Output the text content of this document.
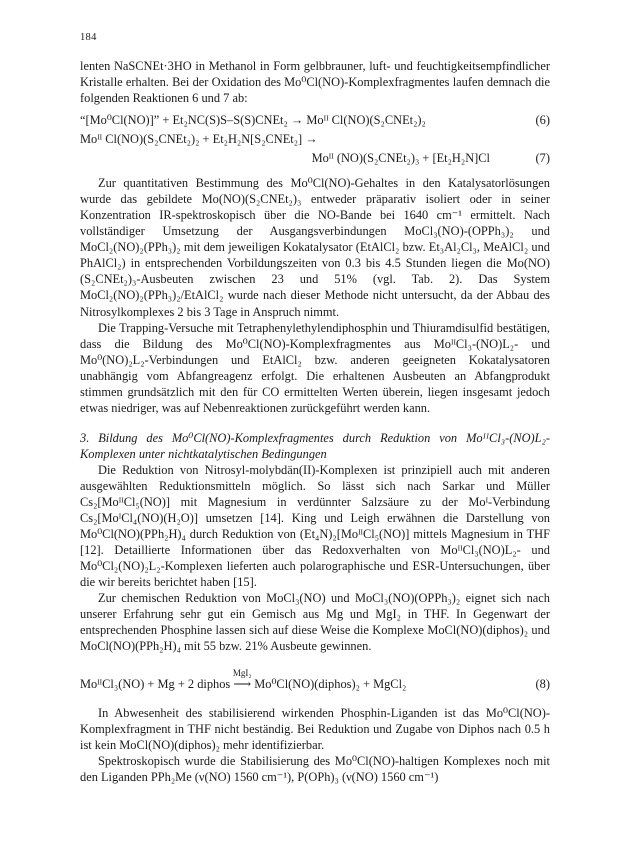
184

lenten NaSCNEt·3HO in Methanol in Form gelbbrauner, luft- und feuchtigkeitsempfindlicher Kristalle erhalten. Bei der Oxidation des Mo⁰Cl(NO)-Komplexfragmentes laufen demnach die folgenden Reaktionen 6 und 7 ab:

“[Mo⁰Cl(NO)]” + Et₂NC(S)S–S(S)CNEt₂ → Moᴵᴵ Cl(NO)(S₂CNEt₂)₂	(6)
Moᴵᴵ Cl(NO)(S₂CNEt₂)₂ + Et₂H₂N[S₂CNEt₂] →
Moᴵᴵ (NO)(S₂CNEt₂)₃ + [Et₂H₂N]Cl	(7)

Zur quantitativen Bestimmung des Mo⁰Cl(NO)-Gehaltes in den Katalysatorlösungen wurde das gebildete Mo(NO)(S₂CNEt₂)₃ entweder präparativ isoliert oder in seiner Konzentration IR-spektroskopisch über die NO-Bande bei 1640 cm⁻¹ ermittelt. Nach vollständiger Umsetzung der Ausgangsverbindungen MoCl₃(NO)-(OPPh₃)₂ und MoCl₂(NO)₂(PPh₃)₂ mit dem jeweiligen Kokatalysator (EtAlCl₂ bzw. Et₃Al₂Cl₃, MeAlCl₂ und PhAlCl₂) in entsprechenden Vorbildungszeiten von 0.3 bis 4.5 Stunden liegen die Mo(NO)(S₂CNEt₂)₃-Ausbeuten zwischen 23 und 51% (vgl. Tab. 2). Das System MoCl₂(NO)₂(PPh₃)₂/EtAlCl₂ wurde nach dieser Methode nicht untersucht, da der Abbau des Nitrosylkomplexes 2 bis 3 Tage in Anspruch nimmt.

Die Trapping-Versuche mit Tetraphenylethylendiphosphin und Thiuramdisulfid bestätigen, dass die Bildung des Mo⁰Cl(NO)-Komplexfragmentes aus MoᴵᴵCl₃-(NO)L₂- und Mo⁰(NO)₂L₂-Verbindungen und EtAlCl₂ bzw. anderen geeigneten Kokatalysatoren unabhängig vom Abfangreagenz erfolgt. Die erhaltenen Ausbeuten an Abfangprodukt stimmen grundsätzlich mit den für CO ermittelten Werten überein, liegen insgesamt jedoch etwas niedriger, was auf Nebenreaktionen zurückgeführt werden kann.

3. Bildung des Mo⁰Cl(NO)-Komplexfragmentes durch Reduktion von MoᴵᴵCl₃-(NO)L₂-Komplexen unter nichtkatalytischen Bedingungen

Die Reduktion von Nitrosyl-molybdän(II)-Komplexen ist prinzipiell auch mit anderen ausgewählten Reduktionsmitteln möglich. So lässt sich nach Sarkar und Müller Cs₂[MoᴵᴵCl₅(NO)] mit Magnesium in verdünnter Salzsäure zu der Moᴵ-Verbindung Cs₂[MoᴵCl₄(NO)(H₂O)] umsetzen [14]. King und Leigh erwähnen die Darstellung von Mo⁰Cl(NO)(PPh₂H)₄ durch Reduktion von (Et₄N)₂[MoᴵᴵCl₅(NO)] mittels Magnesium in THF [12]. Detaillierte Informationen über das Redoxverhalten von MoᴵᴵCl₃(NO)L₂- und Mo⁰Cl₂(NO)₂L₂-Komplexen lieferten auch polarographische und ESR-Untersuchungen, über die wir bereits berichtet haben [15].

Zur chemischen Reduktion von MoCl₃(NO) und MoCl₃(NO)(OPPh₃)₂ eignet sich nach unserer Erfahrung sehr gut ein Gemisch aus Mg und MgI₂ in THF. In Gegenwart der entsprechenden Phosphine lassen sich auf diese Weise die Komplexe MoCl(NO)(diphos)₂ und MoCl(NO)(PPh₂H)₄ mit 55 bzw. 21% Ausbeute gewinnen.

MoᴵᴵCl₃(NO) + Mg + 2 diphos
MgI₂
⟶ Mo⁰Cl(NO)(diphos)₂ + MgCl₂	(8)

In Abwesenheit des stabilisierend wirkenden Phosphin-Liganden ist das Mo⁰Cl(NO)-Komplexfragment in THF nicht beständig. Bei Reduktion und Zugabe von Diphos nach 0.5 h ist kein MoCl(NO)(diphos)₂ mehr identifizierbar.

Spektroskopisch wurde die Stabilisierung des Mo⁰Cl(NO)-haltigen Komplexes noch mit den Liganden PPh₂Me (ν(NO) 1560 cm⁻¹), P(OPh)₃ (ν(NO) 1560 cm⁻¹)
